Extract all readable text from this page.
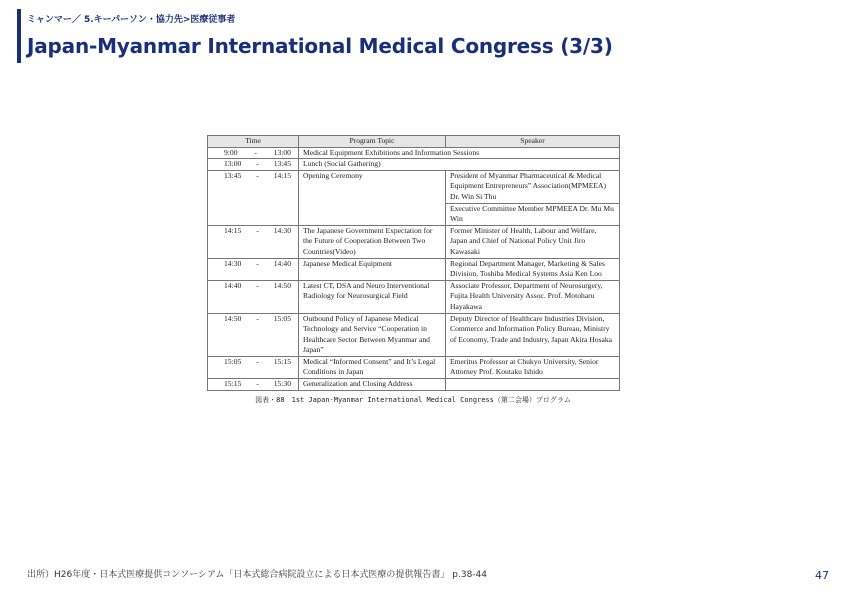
ミャンマー／ 5.キーパーソン・協力先>医療従事者
Japan-Myanmar International Medical Congress (3/3)
Time	Program Topic	Speaker

9:00 - 13:00	Medical Equipment Exhibitions and Information Sessions	

13:00 - 13:45	Lunch (Social Gathering)	

13:45 - 14:15	Opening Ceremony	President of Myanmar Pharmaceutical & Medical Equipment Entrepreneurs” Association(MPMEEA) Dr. Win Si Thu
		Executive Committee Member MPMEEA Dr. Mu Mu Win

14:15 - 14:30	The Japanese Government Expectation for the Future of Cooperation Between Two Countries(Video)	Former Minister of Health, Labour and Welfare, Japan and Chief of National Policy Unit Jiro Kawasaki

14:30 - 14:40	Japanese Medical Equipment	Regional Department Manager, Marketing & Sales Division, Toshiba Medical Systems Asia Ken Loo

14:40 - 14:50	Latest CT, DSA and Neuro Interventional Radiology for Neurosurgical Field	Associate Professor, Department of Neurosurgery, Fujita Health University Assoc. Prof. Motoharu Hayakawa

14:50 - 15:05	Outbound Policy of Japanese Medical Technology and Service “Cooperation in Healthcare Sector Between Myanmar and Japan”	Deputy Director of Healthcare Industries Division, Commerce and Information Policy Bureau, Ministry of Economy, Trade and Industry, Japan Akira Hosaka

15:05 - 15:15	Medical “Informed Consent” and It’s Legal Conditions in Japan	Emeritus Professor at Chukyo University, Senior Attorney Prof. Koutaku Ishido

15:15 - 15:30	Generalization and Closing Address	
図表・88　1st Japan-Myanmar International Medical Congress（第二会場）プログラム
出所）H26年度・日本式医療提供コンソーシアム「日本式総合病院設立による日本式医療の提供報告書」 p.38-44	47
